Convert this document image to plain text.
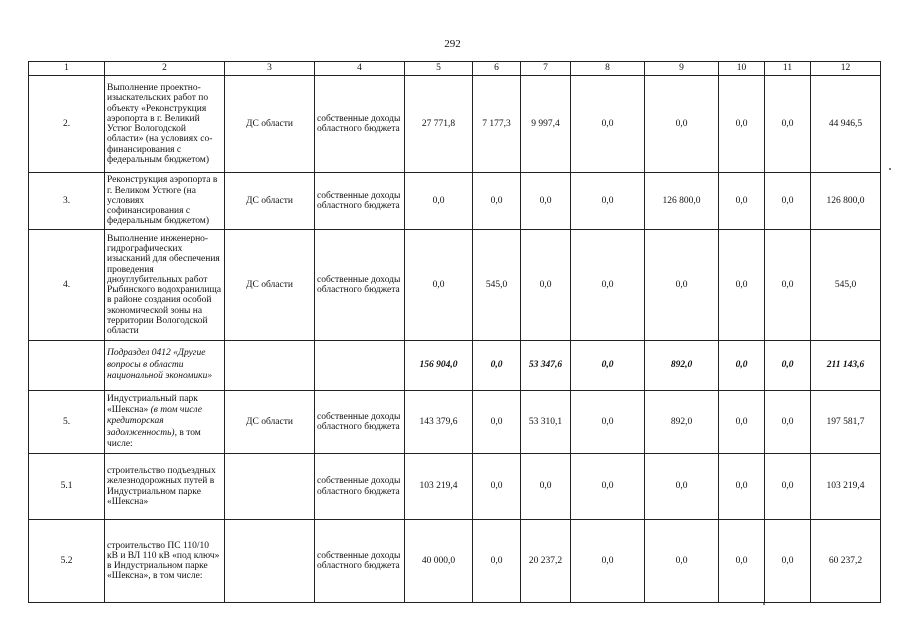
292
1	2	3	4	5	6	7	8	9	10	11	12
2.	Выполнение проектно-изыскательских работ по объекту «Реконструкция аэропорта в г. Великий Устюг Вологодской области» (на условиях со-финансирования с федеральным бюджетом)	ДС области	собственные доходы областного бюджета	27 771,8	7 177,3	9 997,4	0,0	0,0	0,0	0,0	44 946,5
3.	Реконструкция аэропорта в г. Великом Устюге (на условиях софинансирования с федеральным бюджетом)	ДС области	собственные доходы областного бюджета	0,0	0,0	0,0	0,0	126 800,0	0,0	0,0	126 800,0
4.	Выполнение инженерно-гидрографических изысканий для обеспечения проведения дноуглубительных работ Рыбинского водохранилища в районе создания особой экономической зоны на территории Вологодской области	ДС области	собственные доходы областного бюджета	0,0	545,0	0,0	0,0	0,0	0,0	0,0	545,0
	Подраздел 0412 «Другие вопросы в области национальной экономики»			156 904,0	0,0	53 347,6	0,0	892,0	0,0	0,0	211 143,6
5.	Индустриальный парк «Шексна» (в том числе кредиторская задолженность), в том числе:	ДС области	собственные доходы областного бюджета	143 379,6	0,0	53 310,1	0,0	892,0	0,0	0,0	197 581,7
5.1	строительство подъездных железнодорожных путей в Индустриальном парке «Шексна»		собственные доходы областного бюджета	103 219,4	0,0	0,0	0,0	0,0	0,0	0,0	103 219,4
5.2	строительство ПС 110/10 кВ и ВЛ 110 кВ «под ключ» в Индустриальном парке «Шексна», в том числе:		собственные доходы областного бюджета	40 000,0	0,0	20 237,2	0,0	0,0	0,0	0,0	60 237,2
